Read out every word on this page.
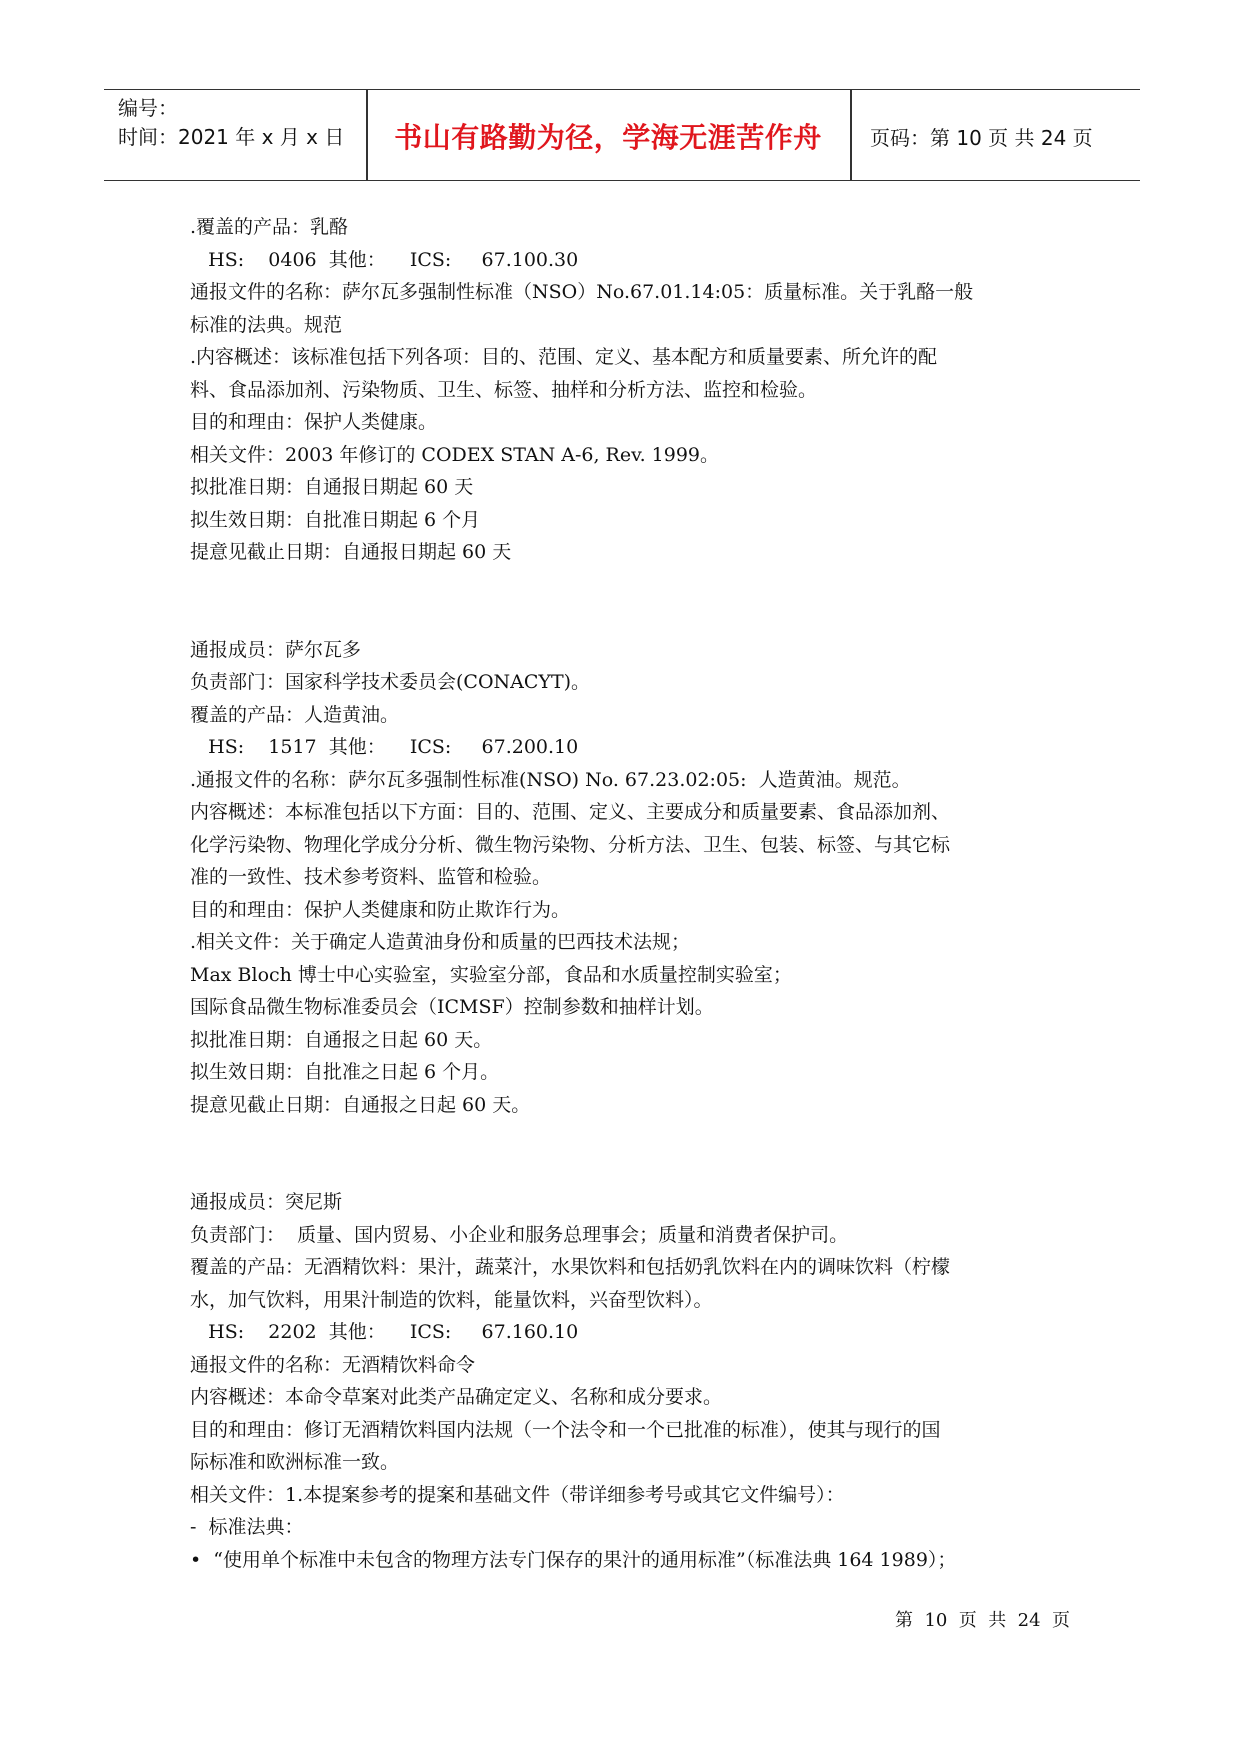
编号：
时间：2021 年 x 月 x 日	书山有路勤为径，学海无涯苦作舟	页码：第 10 页 共 24 页

.覆盖的产品：乳酪

HS:    0406  其他：    ICS:     67.100.30

通报文件的名称：萨尔瓦多强制性标准（NSO）No.67.01.14:05：质量标准。关于乳酪一般

标准的法典。规范

.内容概述：该标准包括下列各项：目的、范围、定义、基本配方和质量要素、所允许的配

料、食品添加剂、污染物质、卫生、标签、抽样和分析方法、监控和检验。

目的和理由：保护人类健康。

相关文件：2003 年修订的 CODEX STAN A-6, Rev. 1999。

拟批准日期：自通报日期起 60 天

拟生效日期：自批准日期起 6 个月

提意见截止日期：自通报日期起 60 天

通报成员：萨尔瓦多

负责部门：国家科学技术委员会(CONACYT)。

覆盖的产品：人造黄油。

HS:    1517  其他：    ICS:     67.200.10

.通报文件的名称：萨尔瓦多强制性标准(NSO) No. 67.23.02:05:  人造黄油。规范。

内容概述：本标准包括以下方面：目的、范围、定义、主要成分和质量要素、食品添加剂、

化学污染物、物理化学成分分析、微生物污染物、分析方法、卫生、包装、标签、与其它标

准的一致性、技术参考资料、监管和检验。

目的和理由：保护人类健康和防止欺诈行为。

.相关文件：关于确定人造黄油身份和质量的巴西技术法规；

Max Bloch 博士中心实验室，实验室分部，食品和水质量控制实验室；

国际食品微生物标准委员会（ICMSF）控制参数和抽样计划。

拟批准日期：自通报之日起 60 天。

拟生效日期：自批准之日起 6 个月。

提意见截止日期：自通报之日起 60 天。

通报成员：突尼斯

负责部门：  质量、国内贸易、小企业和服务总理事会；质量和消费者保护司。

覆盖的产品：无酒精饮料：果汁，蔬菜汁，水果饮料和包括奶乳饮料在内的调味饮料（柠檬

水，加气饮料，用果汁制造的饮料，能量饮料，兴奋型饮料）。

HS:    2202  其他：    ICS:     67.160.10

通报文件的名称：无酒精饮料命令

内容概述：本命令草案对此类产品确定定义、名称和成分要求。

目的和理由：修订无酒精饮料国内法规（一个法令和一个已批准的标准），使其与现行的国

际标准和欧洲标准一致。

相关文件：1.本提案参考的提案和基础文件（带详细参考号或其它文件编号）：

-  标准法典：

•  “使用单个标准中未包含的物理方法专门保存的果汁的通用标准”（标准法典 164 1989）；

第  10  页  共  24  页
